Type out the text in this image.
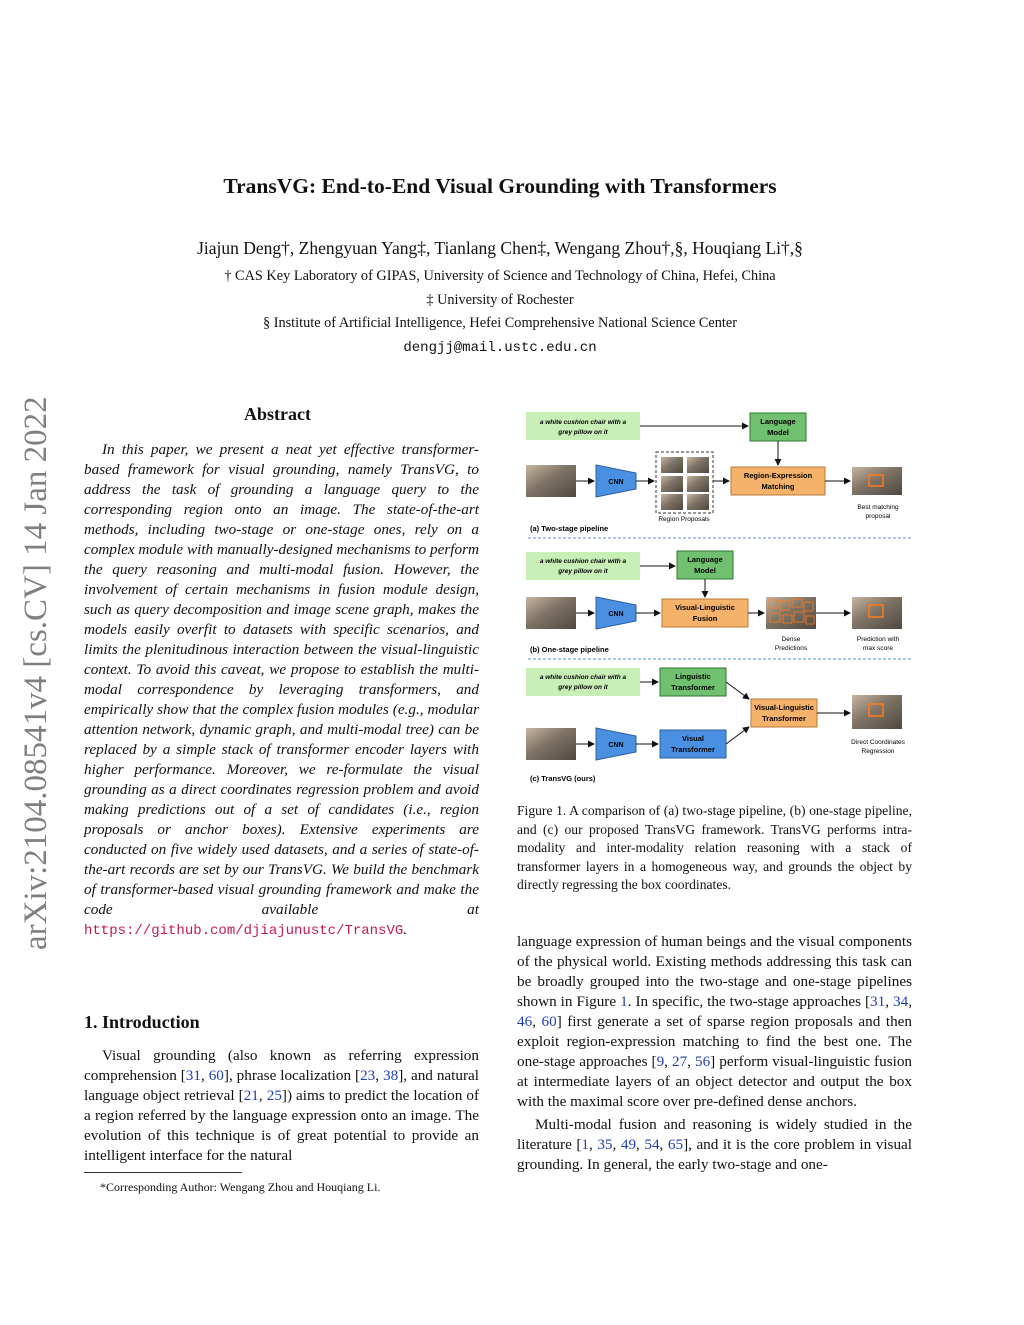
TransVG: End-to-End Visual Grounding with Transformers
Jiajun Deng†, Zhengyuan Yang‡, Tianlang Chen‡, Wengang Zhou†,§, Houqiang Li†,§
† CAS Key Laboratory of GIPAS, University of Science and Technology of China, Hefei, China
‡ University of Rochester
§ Institute of Artificial Intelligence, Hefei Comprehensive National Science Center
dengjj@mail.ustc.edu.cn
arXiv:2104.08541v4 [cs.CV] 14 Jan 2022	Abstract
In this paper, we present a neat yet effective transformer-based framework for visual grounding, namely TransVG, to address the task of grounding a language query to the corresponding region onto an image. The state-of-the-art methods, including two-stage or one-stage ones, rely on a complex module with manually-designed mechanisms to perform the query reasoning and multi-modal fusion. However, the involvement of certain mechanisms in fusion module design, such as query decomposition and image scene graph, makes the models easily overfit to datasets with specific scenarios, and limits the plenitudinous interaction between the visual-linguistic context. To avoid this caveat, we propose to establish the multi-modal correspondence by leveraging transformers, and empirically show that the complex fusion modules (e.g., modular attention network, dynamic graph, and multi-modal tree) can be replaced by a simple stack of transformer encoder layers with higher performance. Moreover, we re-formulate the visual grounding as a direct coordinates regression problem and avoid making predictions out of a set of candidates (i.e., region proposals or anchor boxes). Extensive experiments are conducted on five widely used datasets, and a series of state-of-the-art records are set by our TransVG. We build the benchmark of transformer-based visual grounding framework and make the code available at https://github.com/djiajunustc/TransVG.
1. Introduction
Visual grounding (also known as referring expression comprehension [31, 60], phrase localization [23, 38], and natural language object retrieval [21, 25]) aims to predict the location of a region referred by the language expression onto an image. The evolution of this technique is of great potential to provide an intelligent interface for the natural

language expression of human beings and the visual components of the physical world. Existing methods addressing this task can be broadly grouped into the two-stage and one-stage pipelines shown in Figure 1. In specific, the two-stage approaches [31, 34, 46, 60] first generate a set of sparse region proposals and then exploit region-expression matching to find the best one. The one-stage approaches [9, 27, 56] perform visual-linguistic fusion at intermediate layers of an object detector and output the box with the maximal score over pre-defined dense anchors.

Multi-modal fusion and reasoning is widely studied in the literature [1, 35, 49, 54, 65], and it is the core problem in visual grounding. In general, the early two-stage and one-

*Corresponding Author: Wengang Zhou and Houqiang Li.
a white cushion chair with a
grey pillow on it
Language
Model
CNN
Region Proposals
Region-Expression
Matching
Best matching
proposal
(a) Two-stage pipeline
a white cushion chair with a
grey pillow on it
Language
Model
CNN
Visual-Linguistic
Fusion
Dense
Predictions
Prediction with
max score
(b) One-stage pipeline
a white cushion chair with a
grey pillow on it
Linguistic
Transformer
CNN
Visual
Transformer
Visual-Linguistic
Transformer
Direct Coordinates
Regression
(c) TransVG (ours)
Figure 1. A comparison of (a) two-stage pipeline, (b) one-stage pipeline, and (c) our proposed TransVG framework. TransVG performs intra-modality and inter-modality relation reasoning with a stack of transformer layers in a homogeneous way, and grounds the object by directly regressing the box coordinates.
